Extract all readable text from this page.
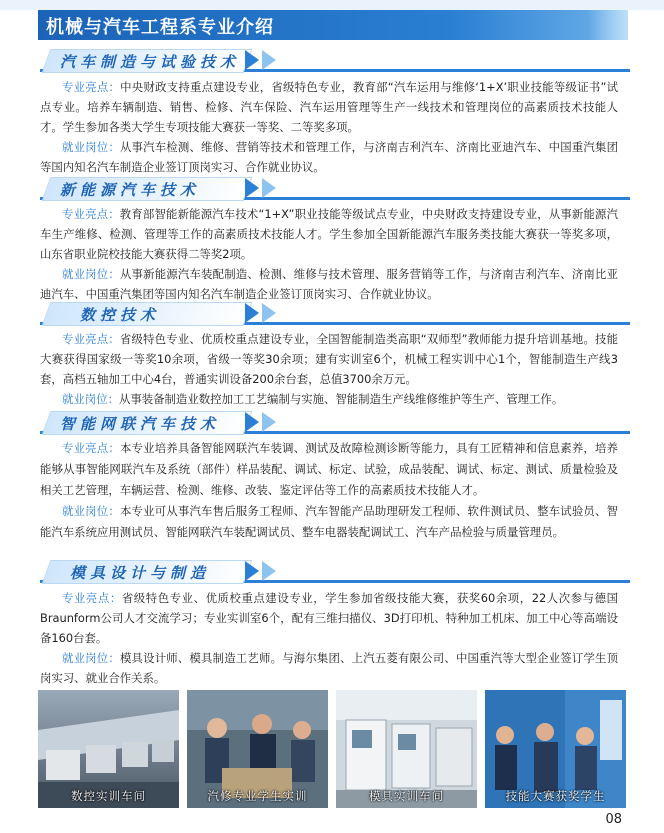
机械与汽车工程系专业介绍
汽车制造与试验技术
专业亮点：中央财政支持重点建设专业，省级特色专业，教育部“汽车运用与维修‘1+X’职业技能等级证书”试点专业。培养车辆制造、销售、检修、汽车保险、汽车运用管理等生产一线技术和管理岗位的高素质技术技能人才。学生参加各类大学生专项技能大赛获一等奖、二等奖多项。
就业岗位：从事汽车检测、维修、营销等技术和管理工作，与济南吉利汽车、济南比亚迪汽车、中国重汽集团等国内知名汽车制造企业签订顶岗实习、合作就业协议。
新能源汽车技术
专业亮点：教育部智能新能源汽车技术“1+X”职业技能等级试点专业，中央财政支持建设专业，从事新能源汽车生产维修、检测、管理等工作的高素质技术技能人才。学生参加全国新能源汽车服务类技能大赛获一等奖多项，山东省职业院校技能大赛获得二等奖2项。
就业岗位：从事新能源汽车装配制造、检测、维修与技术管理、服务营销等工作，与济南吉利汽车、济南比亚迪汽车、中国重汽集团等国内知名汽车制造企业签订顶岗实习、合作就业协议。
数控技术
专业亮点：省级特色专业、优质校重点建设专业，全国智能制造类高职“双师型”教师能力提升培训基地。技能大赛获得国家级一等奖10余项，省级一等奖30余项；建有实训室6个，机械工程实训中心1个，智能制造生产线3套，高档五轴加工中心4台，普通实训设备200余台套，总值3700余万元。
就业岗位：从事装备制造业数控加工工艺编制与实施、智能制造生产线维修维护等生产、管理工作。
智能网联汽车技术
专业亮点：本专业培养具备智能网联汽车装调、测试及故障检测诊断等能力，具有工匠精神和信息素养，培养能够从事智能网联汽车及系统（部件）样品装配、调试、标定、试验，成品装配、调试、标定、测试、质量检验及相关工艺管理，车辆运营、检测、维修、改装、鉴定评估等工作的高素质技术技能人才。
就业岗位：本专业可从事汽车售后服务工程师、汽车智能产品助理研发工程师、软件测试员、整车试验员、智能汽车系统应用测试员、智能网联汽车装配调试员、整车电器装配调试工、汽车产品检验与质量管理员。
模具设计与制造
专业亮点：省级特色专业、优质校重点建设专业，学生参加省级技能大赛，获奖60余项，22人次参与德国Braunform公司人才交流学习；专业实训室6个，配有三维扫描仪、3D打印机、特种加工机床、加工中心等高端设备160台套。
就业岗位：模具设计师、模具制造工艺师。与海尔集团、上汽五菱有限公司、中国重汽等大型企业签订学生顶岗实习、就业合作关系。
数控实训车间	汽修专业学生实训	模具实训车间	技能大赛获奖学生
08
